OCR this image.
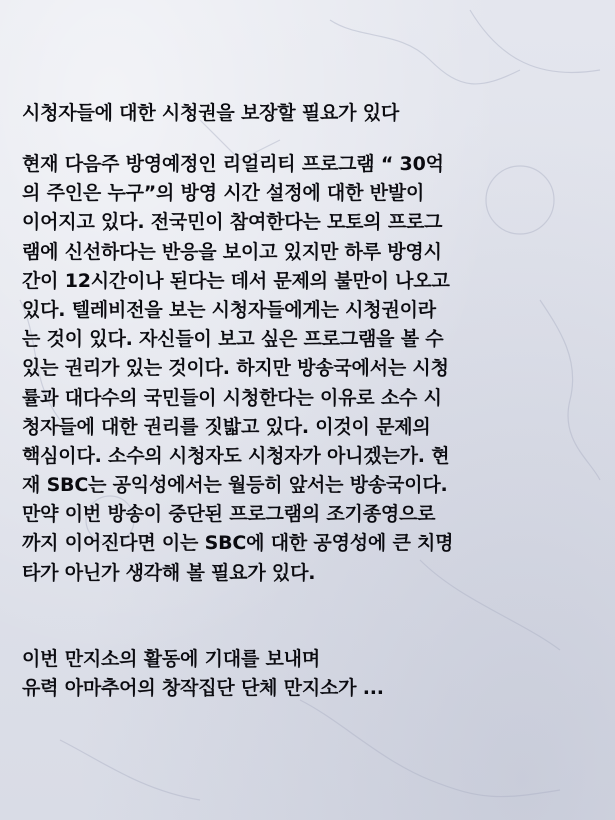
시청자들에 대한 시청권을 보장할 필요가 있다
현재 다음주 방영예정인 리얼리티 프로그램 “ 30억
의 주인은 누구”의 방영 시간 설정에 대한 반발이
이어지고 있다. 전국민이 참여한다는 모토의 프로그
램에 신선하다는 반응을 보이고 있지만 하루 방영시
간이 12시간이나 된다는 데서 문제의 불만이 나오고
있다. 텔레비전을 보는 시청자들에게는 시청권이라
는 것이 있다. 자신들이 보고 싶은 프로그램을 볼 수
있는 권리가 있는 것이다. 하지만 방송국에서는 시청
률과 대다수의 국민들이 시청한다는 이유로 소수 시
청자들에 대한 권리를 짓밟고 있다. 이것이 문제의
핵심이다. 소수의 시청자도 시청자가 아니겠는가. 현
재 SBC는 공익성에서는 월등히 앞서는 방송국이다.
만약 이번 방송이 중단된 프로그램의 조기종영으로
까지 이어진다면 이는 SBC에 대한 공영성에 큰 치명
타가 아닌가 생각해 볼 필요가 있다.
이번 만지소의 활동에 기대를 보내며
유력 아마추어의 창작집단 단체 만지소가 ...
